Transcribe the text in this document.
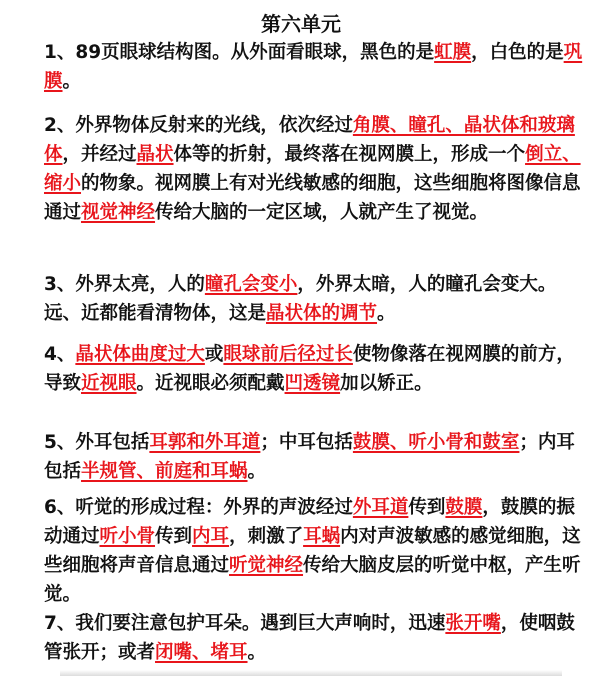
第六单元
1、89页眼球结构图。从外面看眼球，黑色的是虹膜，白色的是巩膜。
2、外界物体反射来的光线，依次经过角膜、瞳孔、晶状体和玻璃体，并经过晶状体等的折射，最终落在视网膜上，形成一个倒立、缩小的物象。视网膜上有对光线敏感的细胞，这些细胞将图像信息通过视觉神经传给大脑的一定区域，人就产生了视觉。
3、外界太亮，人的瞳孔会变小，外界太暗，人的瞳孔会变大。远、近都能看清物体，这是晶状体的调节。
4、晶状体曲度过大或眼球前后径过长使物像落在视网膜的前方，导致近视眼。近视眼必须配戴凹透镜加以矫正。
5、外耳包括耳郭和外耳道；中耳包括鼓膜、听小骨和鼓室；内耳包括半规管、前庭和耳蜗。
6、听觉的形成过程：外界的声波经过外耳道传到鼓膜，鼓膜的振动通过听小骨传到内耳，刺激了耳蜗内对声波敏感的感觉细胞，这些细胞将声音信息通过听觉神经传给大脑皮层的听觉中枢，产生听觉。
7、我们要注意包护耳朵。遇到巨大声响时，迅速张开嘴，使咽鼓管张开；或者闭嘴、堵耳。
